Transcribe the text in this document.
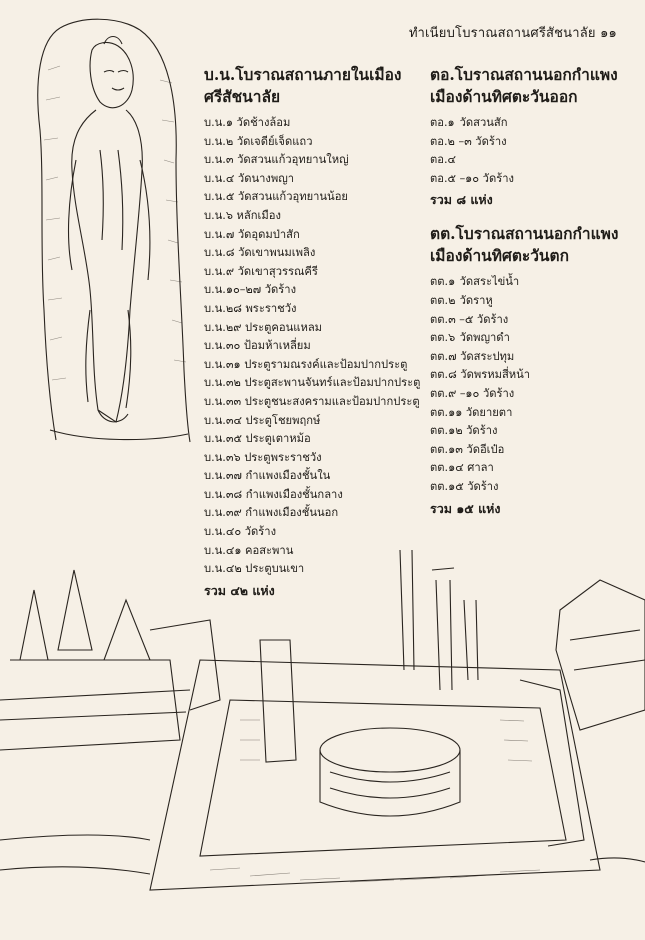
ทำเนียบโบราณสถานศรีสัชนาลัย ๑๑
บ.น.โบราณสถานภายในเมืองศรีสัชนาลัย
บ.น.๑ วัดช้างล้อม
บ.น.๒ วัดเจดีย์เจ็ดแถว
บ.น.๓ วัดสวนแก้วอุทยานใหญ่
บ.น.๔ วัดนางพญา
บ.น.๕ วัดสวนแก้วอุทยานน้อย
บ.น.๖ หลักเมือง
บ.น.๗ วัดอุดมป่าสัก
บ.น.๘ วัดเขาพนมเพลิง
บ.น.๙ วัดเขาสุวรรณคีรี
บ.น.๑๐–๒๗ วัดร้าง
บ.น.๒๘ พระราชวัง
บ.น.๒๙ ประตูคอนแหลม
บ.น.๓๐ ป้อมห้าเหลี่ยม
บ.น.๓๑ ประตูรามณรงค์และป้อมปากประตู
บ.น.๓๒ ประตูสะพานจันทร์และป้อมปากประตู
บ.น.๓๓ ประตูชนะสงครามและป้อมปากประตู
บ.น.๓๔ ประตูโชยพฤกษ์
บ.น.๓๕ ประตูเตาหม้อ
บ.น.๓๖ ประตูพระราชวัง
บ.น.๓๗ กำแพงเมืองชั้นใน
บ.น.๓๘ กำแพงเมืองชั้นกลาง
บ.น.๓๙ กำแพงเมืองชั้นนอก
บ.น.๔๐ วัดร้าง
บ.น.๔๑ คอสะพาน
บ.น.๔๒ ประตูบนเขา
รวม ๔๒ แห่ง
ตอ.โบราณสถานนอกกำแพงเมืองด้านทิศตะวันออก
ตอ.๑ วัดสวนสัก
ตอ.๒ –๓ วัดร้าง
ตอ.๔
ตอ.๕ –๑๐ วัดร้าง
รวม ๘ แห่ง
ตต.โบราณสถานนอกกำแพงเมืองด้านทิศตะวันตก
ตต.๑ วัดสระไข่น้ำ
ตต.๒ วัดราหู
ตต.๓ –๕ วัดร้าง
ตต.๖ วัดพญาดำ
ตต.๗ วัดสระปทุม
ตต.๘ วัดพรหมสี่หน้า
ตต.๙ –๑๐ วัดร้าง
ตต.๑๑ วัดยายตา
ตต.๑๒ วัดร้าง
ตต.๑๓ วัดอีเป๋อ
ตต.๑๔ ศาลา
ตต.๑๕ วัดร้าง
รวม ๑๕ แห่ง
